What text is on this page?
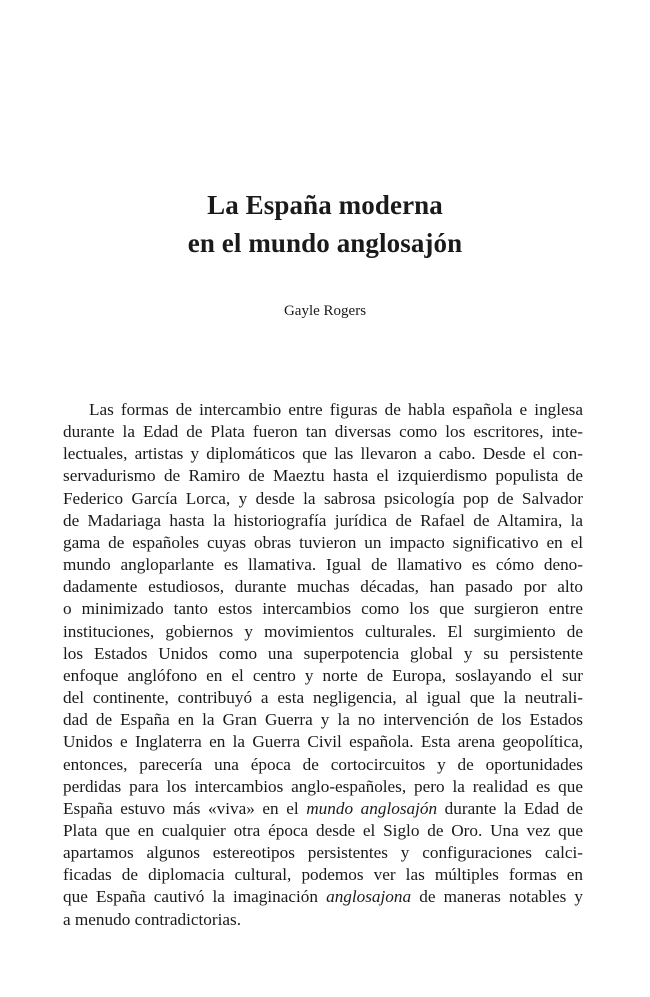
La España moderna
en el mundo anglosajón
Gayle Rogers
Las formas de intercambio entre figuras de habla española e inglesa
durante la Edad de Plata fueron tan diversas como los escritores, inte-
lectuales, artistas y diplomáticos que las llevaron a cabo. Desde el con-
servadurismo de Ramiro de Maeztu hasta el izquierdismo populista de
Federico García Lorca, y desde la sabrosa psicología pop de Salvador
de Madariaga hasta la historiografía jurídica de Rafael de Altamira, la
gama de españoles cuyas obras tuvieron un impacto significativo en el
mundo angloparlante es llamativa. Igual de llamativo es cómo deno-
dadamente estudiosos, durante muchas décadas, han pasado por alto
o minimizado tanto estos intercambios como los que surgieron entre
instituciones, gobiernos y movimientos culturales. El surgimiento de
los Estados Unidos como una superpotencia global y su persistente
enfoque anglófono en el centro y norte de Europa, soslayando el sur
del continente, contribuyó a esta negligencia, al igual que la neutrali-
dad de España en la Gran Guerra y la no intervención de los Estados
Unidos e Inglaterra en la Guerra Civil española. Esta arena geopolítica,
entonces, parecería una época de cortocircuitos y de oportunidades
perdidas para los intercambios anglo-españoles, pero la realidad es que
España estuvo más «viva» en el mundo anglosajón durante la Edad de
Plata que en cualquier otra época desde el Siglo de Oro. Una vez que
apartamos algunos estereotipos persistentes y configuraciones calci-
ficadas de diplomacia cultural, podemos ver las múltiples formas en
que España cautivó la imaginación anglosajona de maneras notables y
a menudo contradictorias.
